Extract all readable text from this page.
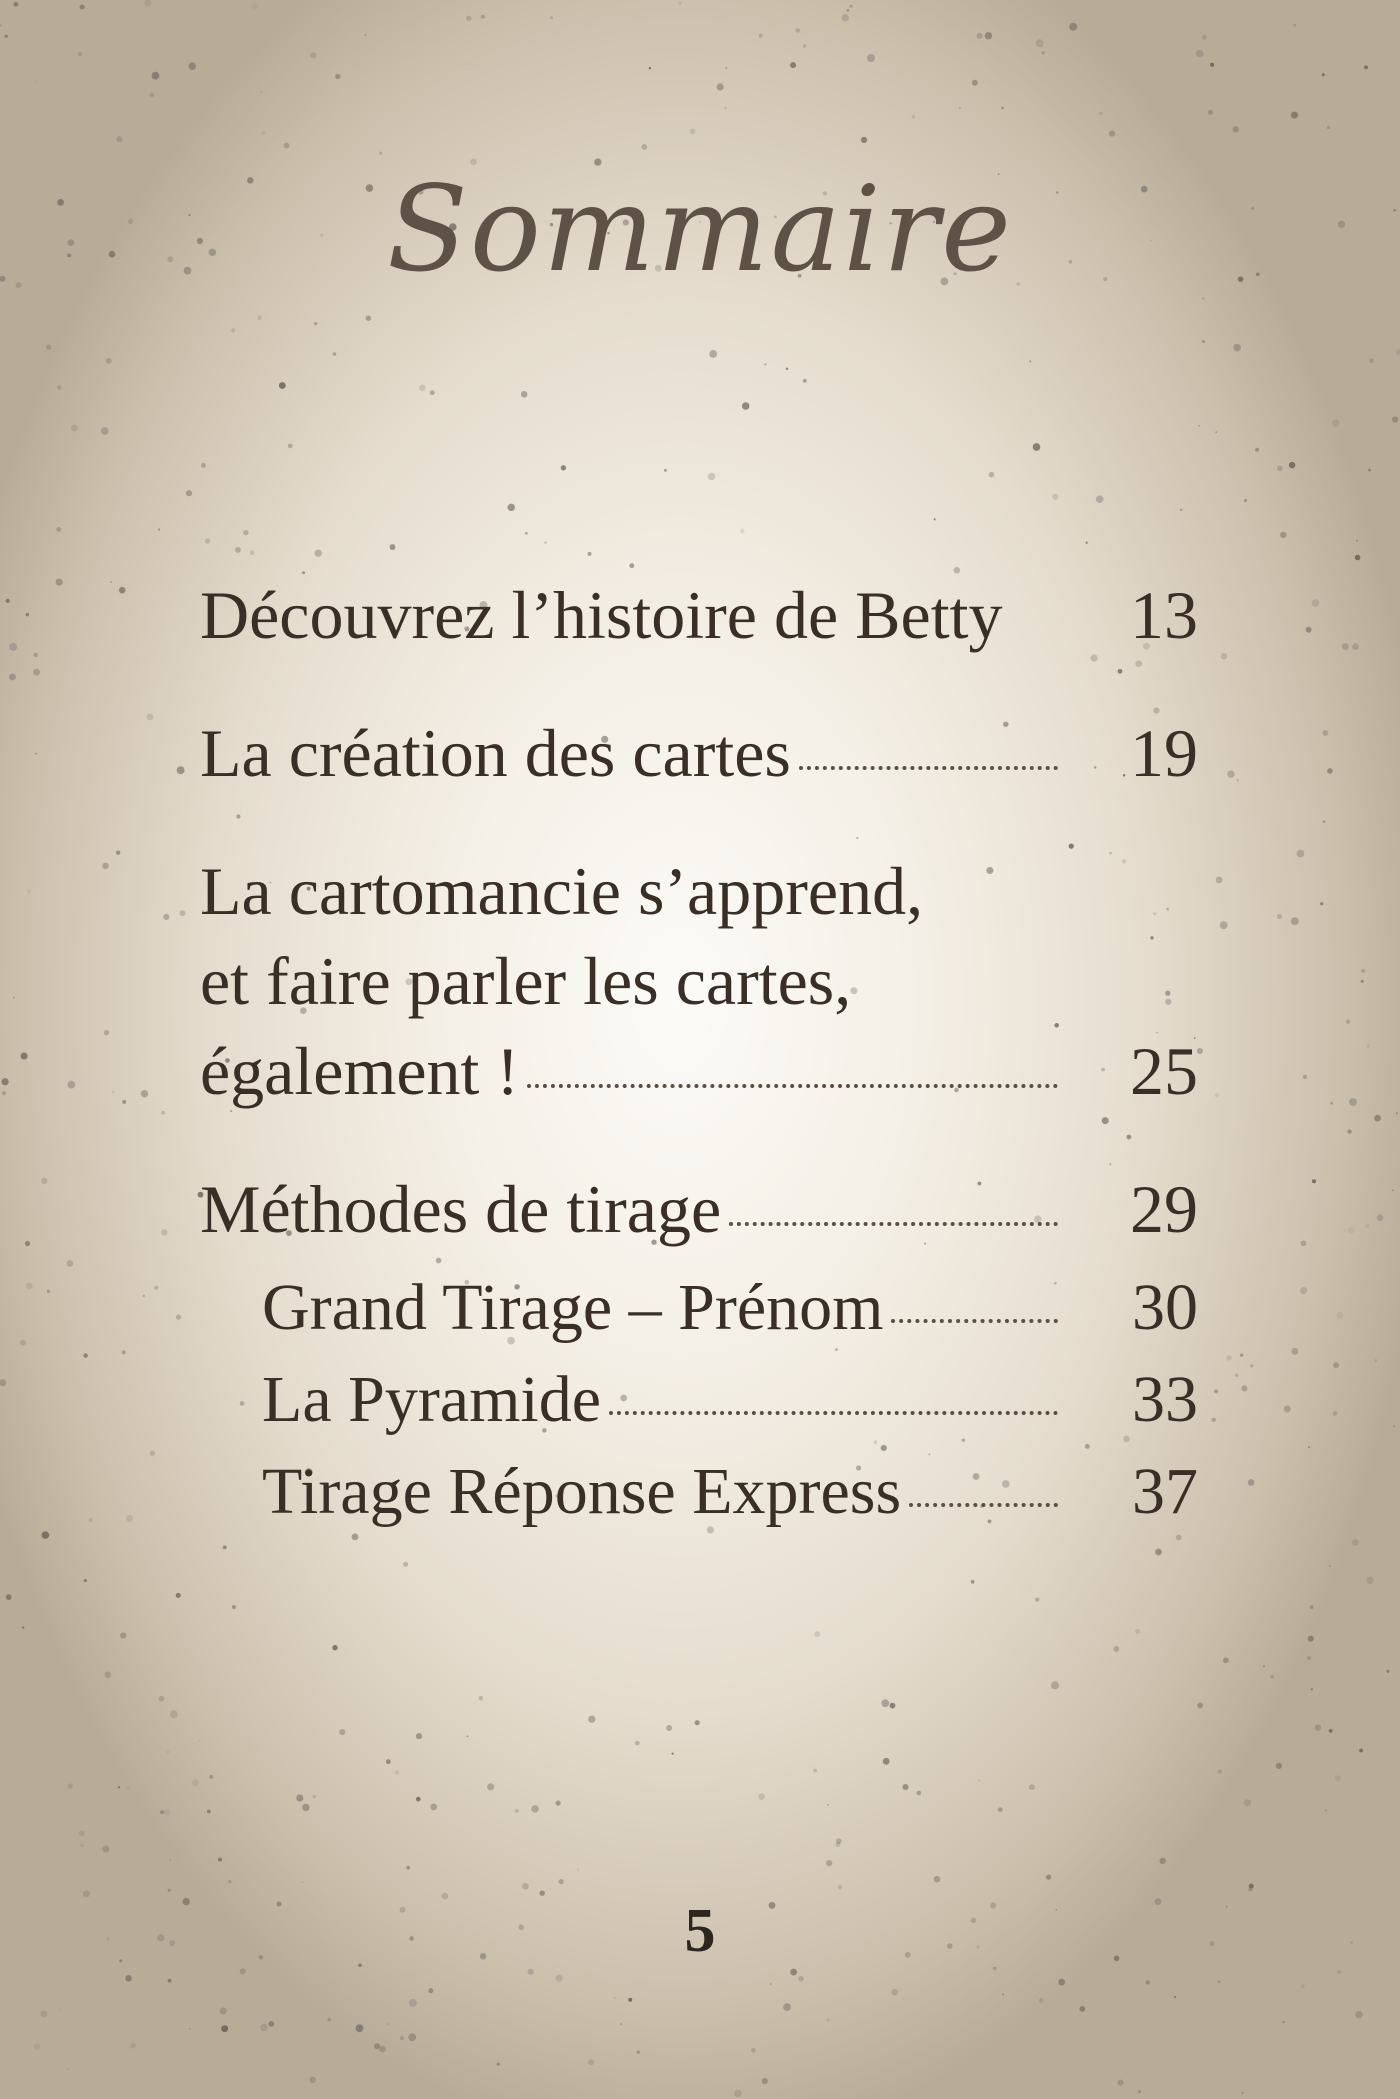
Sommaire
Découvrez l’histoire de Betty 13
La création des cartes	19
La cartomancie s’apprend,
et faire parler les cartes,
également !	25
Méthodes de tirage	29
Grand Tirage – Prénom	30
La Pyramide	33
Tirage Réponse Express	37
5
